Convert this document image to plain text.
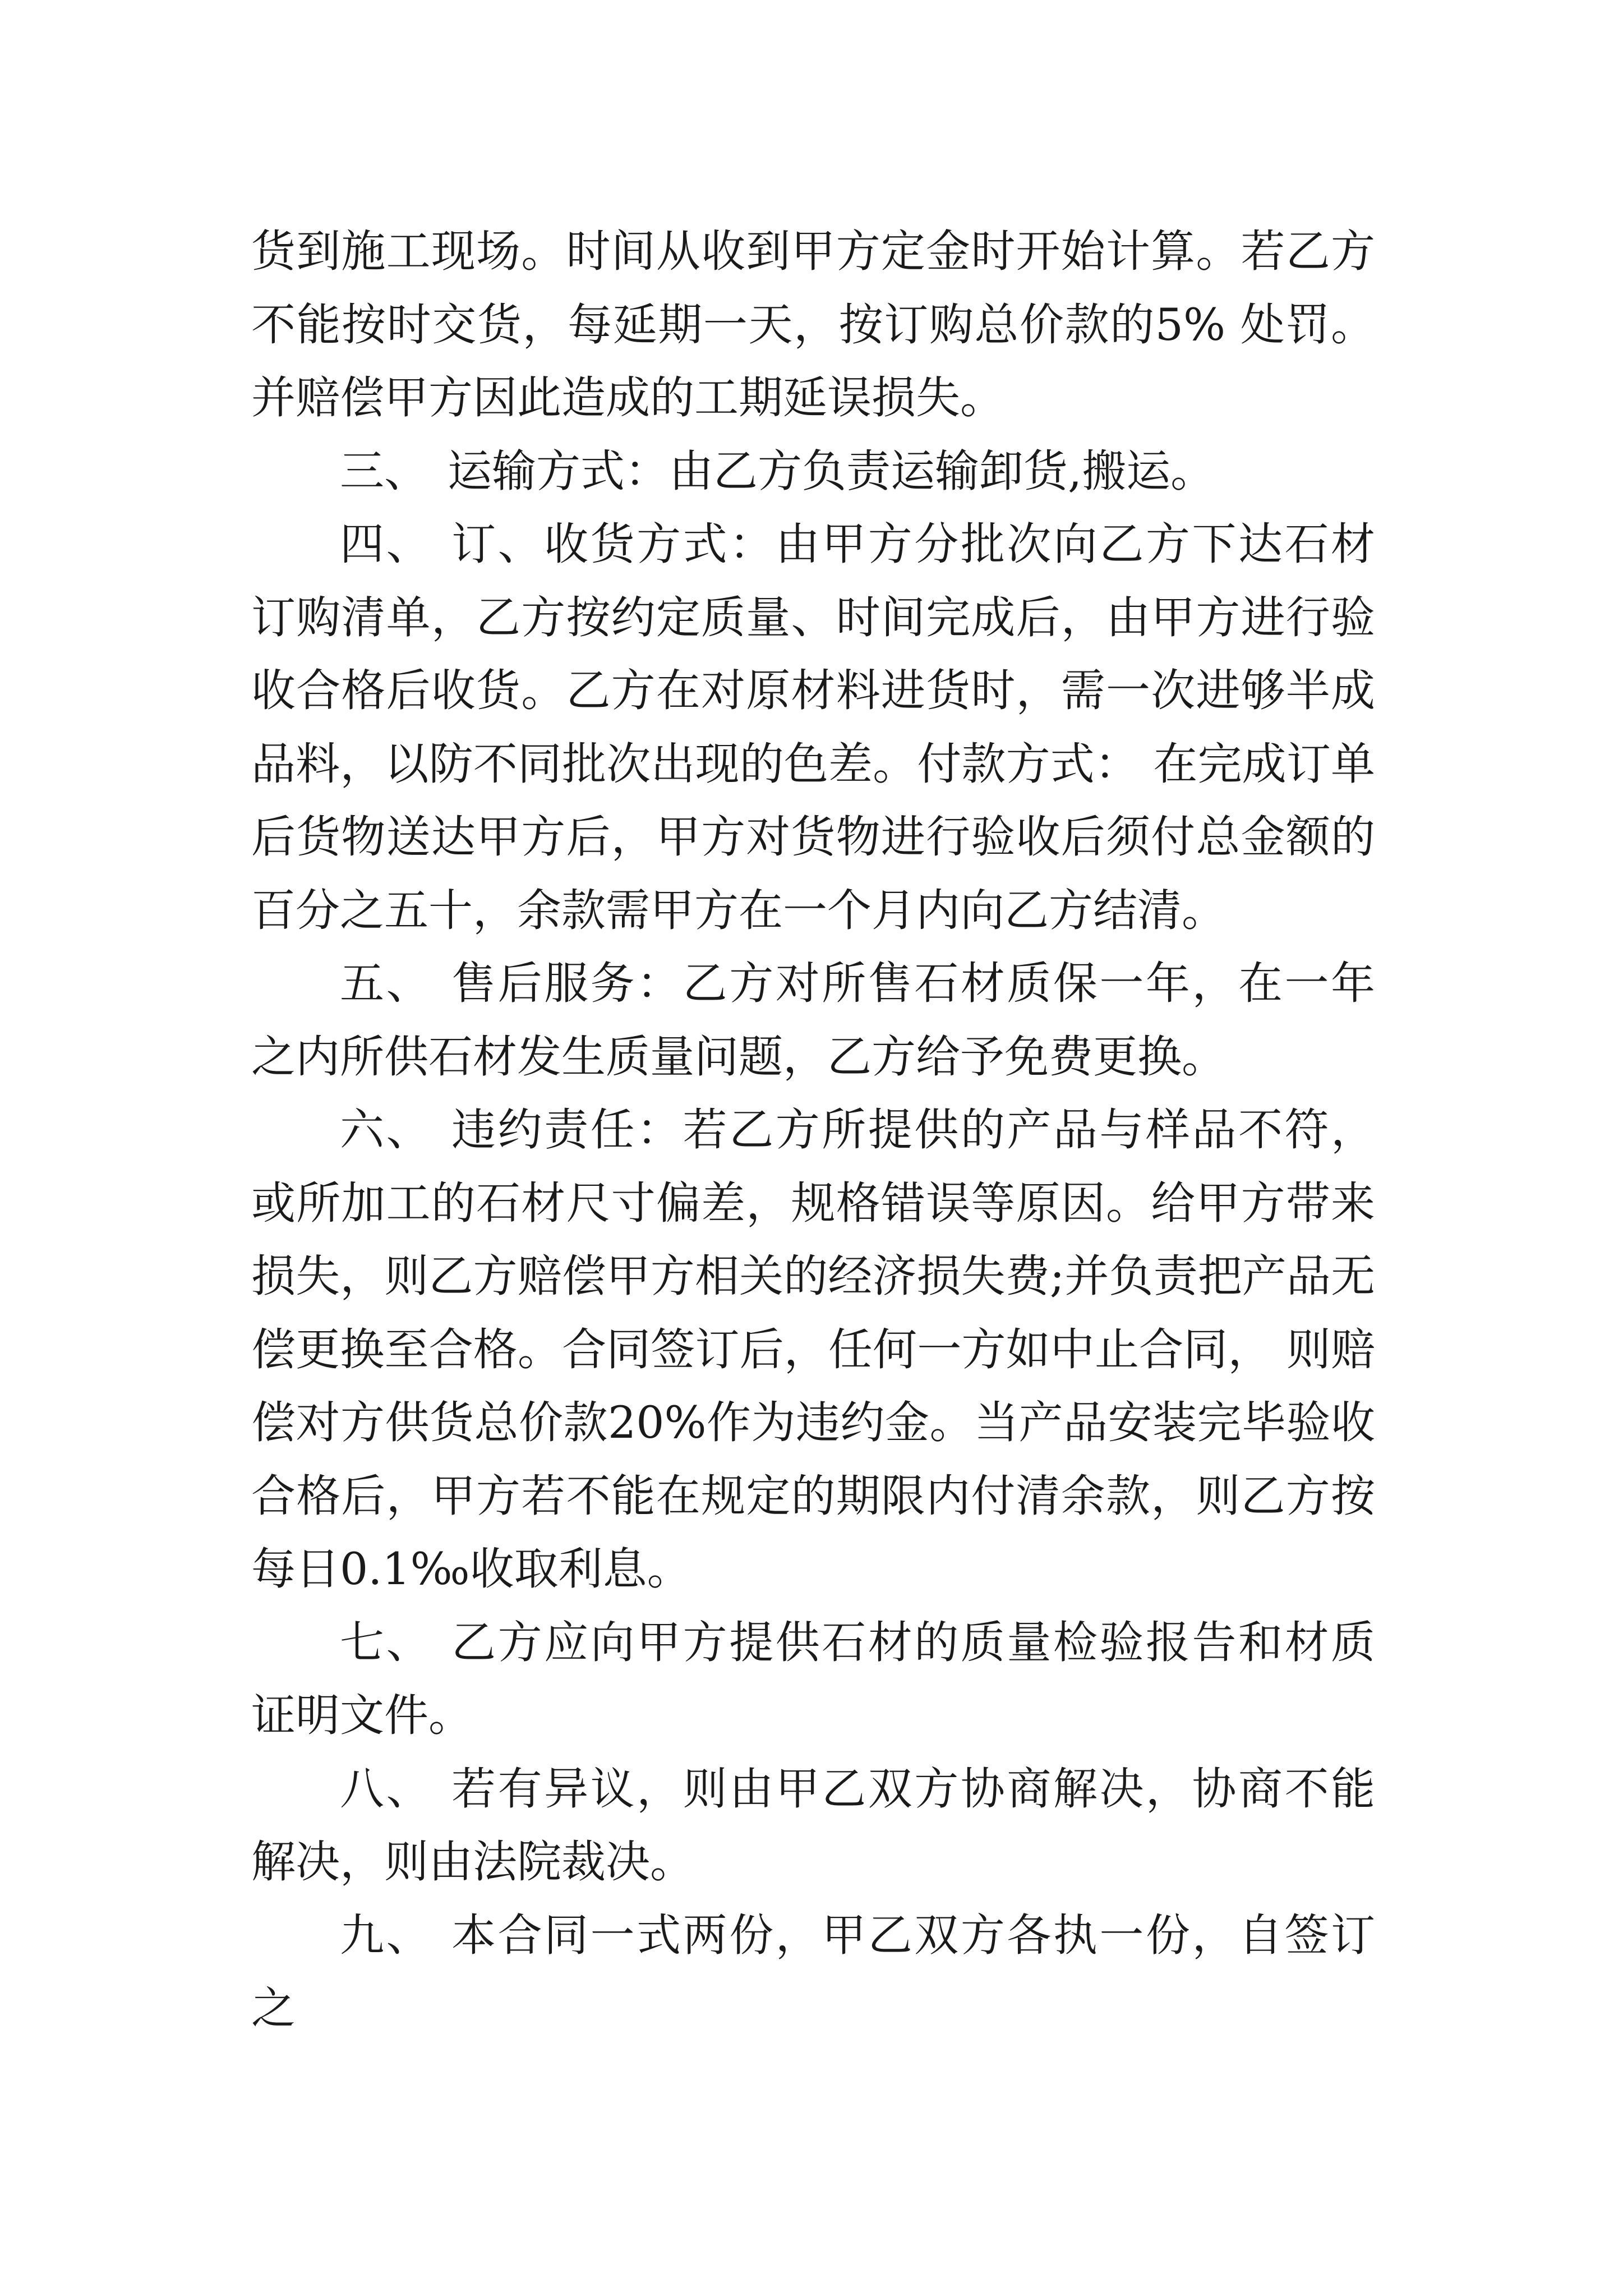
货到施工现场。时间从收到甲方定金时开始计算。若乙方不能按时交货，每延期一天，按订购总价款的5% 处罚。并赔偿甲方因此造成的工期延误损失。

三、 运输方式：由乙方负责运输卸货,搬运。

四、 订、收货方式：由甲方分批次向乙方下达石材订购清单，乙方按约定质量、时间完成后，由甲方进行验收合格后收货。乙方在对原材料进货时，需一次进够半成品料，以防不同批次出现的色差。付款方式： 在完成订单后货物送达甲方后，甲方对货物进行验收后须付总金额的百分之五十，余款需甲方在一个月内向乙方结清。

五、 售后服务：乙方对所售石材质保一年，在一年之内所供石材发生质量问题，乙方给予免费更换。

六、 违约责任：若乙方所提供的产品与样品不符，或所加工的石材尺寸偏差，规格错误等原因。给甲方带来损失，则乙方赔偿甲方相关的经济损失费;并负责把产品无偿更换至合格。合同签订后，任何一方如中止合同， 则赔偿对方供货总价款20%作为违约金。当产品安装完毕验收合格后，甲方若不能在规定的期限内付清余款，则乙方按每日0.1‰收取利息。

七、 乙方应向甲方提供石材的质量检验报告和材质证明文件。

八、 若有异议，则由甲乙双方协商解决，协商不能解决，则由法院裁决。

九、 本合同一式两份，甲乙双方各执一份，自签订之
